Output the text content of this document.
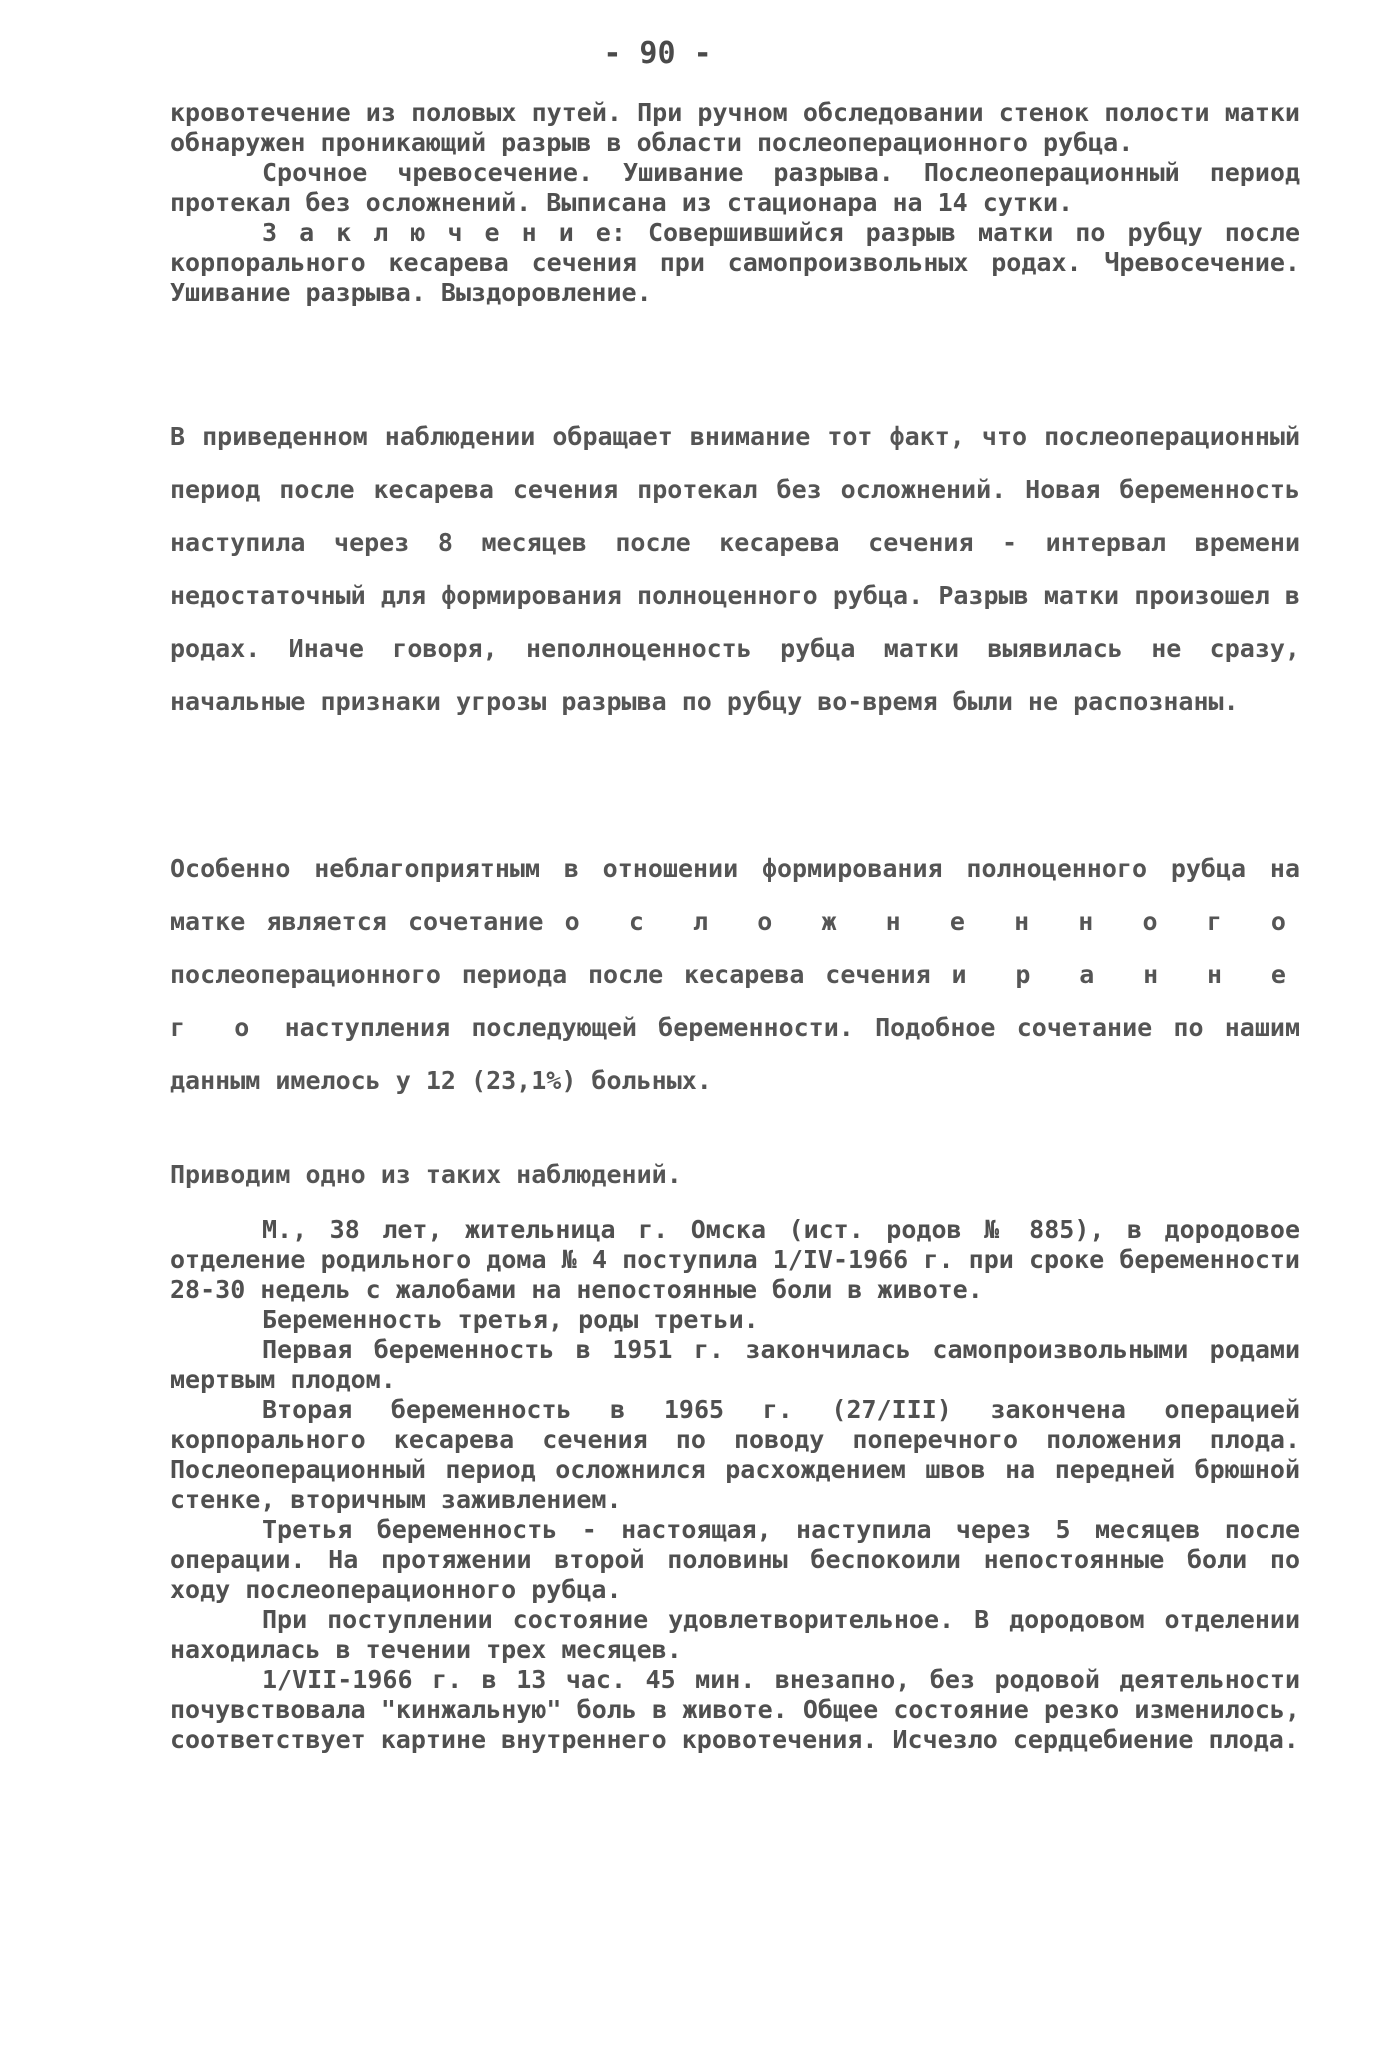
- 90 -

кровотечение из половых путей. При ручном обследовании стенок полости матки обнаружен проникающий разрыв в области послеоперационного рубца.

Срочное чревосечение. Ушивание разрыва. Послеоперационный период протекал без осложнений. Выписана из стационара на 14 сутки.

З а к л ю ч е н и е: Совершившийся разрыв матки по рубцу после корпорального кесарева сечения при самопроизвольных родах. Чревосечение. Ушивание разрыва. Выздоровление.

В приведенном наблюдении обращает внимание тот факт, что послеоперационный период после кесарева сечения протекал без осложнений. Новая беременность наступила через 8 месяцев после кесарева сечения - интервал времени недостаточный для формирования полноценного рубца. Разрыв матки произошел в родах. Иначе говоря, неполноценность рубца матки выявилась не сразу, начальные признаки угрозы разрыва по рубцу во-время были не распознаны.

Особенно неблагоприятным в отношении формирования полноценного рубца на матке является сочетание о с л о ж н е н н о г о послеоперационного периода после кесарева сечения и р а н н е г о наступления последующей беременности. Подобное сочетание по нашим данным имелось у 12 (23,1%) больных.

Приводим одно из таких наблюдений.

М., 38 лет, жительница г. Омска (ист. родов № 885), в дородовое отделение родильного дома № 4 поступила 1/IV-1966 г. при сроке беременности 28-30 недель с жалобами на непостоянные боли в животе.

Беременность третья, роды третьи.

Первая беременность в 1951 г. закончилась самопроизвольными родами мертвым плодом.

Вторая беременность в 1965 г. (27/III) закончена операцией корпорального кесарева сечения по поводу поперечного положения плода. Послеоперационный период осложнился расхождением швов на передней брюшной стенке, вторичным заживлением.

Третья беременность - настоящая, наступила через 5 месяцев после операции. На протяжении второй половины беспокоили непостоянные боли по ходу послеоперационного рубца.

При поступлении состояние удовлетворительное. В дородовом отделении находилась в течении трех месяцев.

1/VII-1966 г. в 13 час. 45 мин. внезапно, без родовой деятельности почувствовала "кинжальную" боль в животе. Общее состояние резко изменилось, соответствует картине внутреннего кровотечения. Исчезло сердцебиение плода.
